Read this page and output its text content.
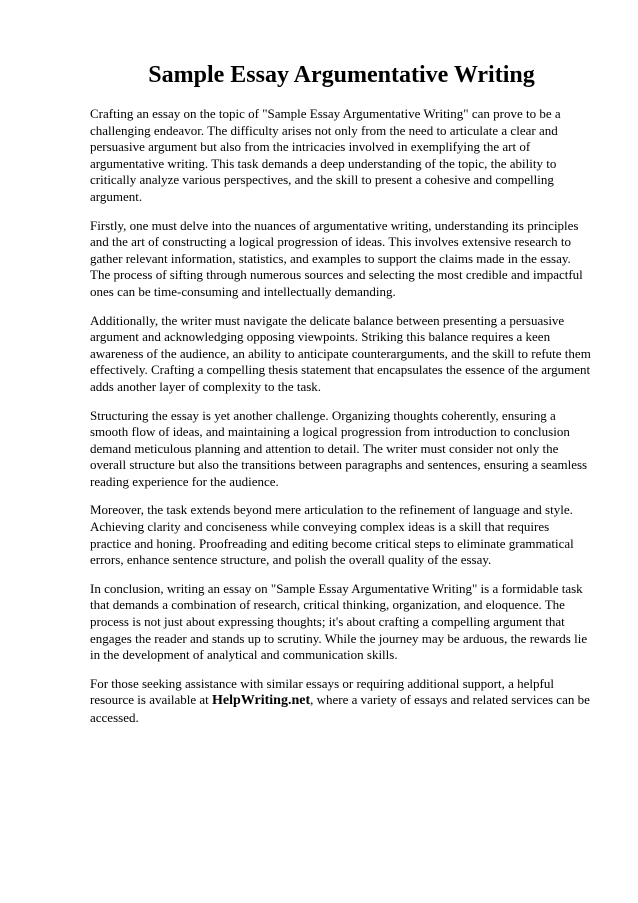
Sample Essay Argumentative Writing

Crafting an essay on the topic of "Sample Essay Argumentative Writing" can prove to be a challenging endeavor. The difficulty arises not only from the need to articulate a clear and persuasive argument but also from the intricacies involved in exemplifying the art of argumentative writing. This task demands a deep understanding of the topic, the ability to critically analyze various perspectives, and the skill to present a cohesive and compelling argument.

Firstly, one must delve into the nuances of argumentative writing, understanding its principles and the art of constructing a logical progression of ideas. This involves extensive research to gather relevant information, statistics, and examples to support the claims made in the essay. The process of sifting through numerous sources and selecting the most credible and impactful ones can be time-consuming and intellectually demanding.

Additionally, the writer must navigate the delicate balance between presenting a persuasive argument and acknowledging opposing viewpoints. Striking this balance requires a keen awareness of the audience, an ability to anticipate counterarguments, and the skill to refute them effectively. Crafting a compelling thesis statement that encapsulates the essence of the argument adds another layer of complexity to the task.

Structuring the essay is yet another challenge. Organizing thoughts coherently, ensuring a smooth flow of ideas, and maintaining a logical progression from introduction to conclusion demand meticulous planning and attention to detail. The writer must consider not only the overall structure but also the transitions between paragraphs and sentences, ensuring a seamless reading experience for the audience.

Moreover, the task extends beyond mere articulation to the refinement of language and style. Achieving clarity and conciseness while conveying complex ideas is a skill that requires practice and honing. Proofreading and editing become critical steps to eliminate grammatical errors, enhance sentence structure, and polish the overall quality of the essay.

In conclusion, writing an essay on "Sample Essay Argumentative Writing" is a formidable task that demands a combination of research, critical thinking, organization, and eloquence. The process is not just about expressing thoughts; it's about crafting a compelling argument that engages the reader and stands up to scrutiny. While the journey may be arduous, the rewards lie in the development of analytical and communication skills.

For those seeking assistance with similar essays or requiring additional support, a helpful resource is available at HelpWriting.net, where a variety of essays and related services can be accessed.
